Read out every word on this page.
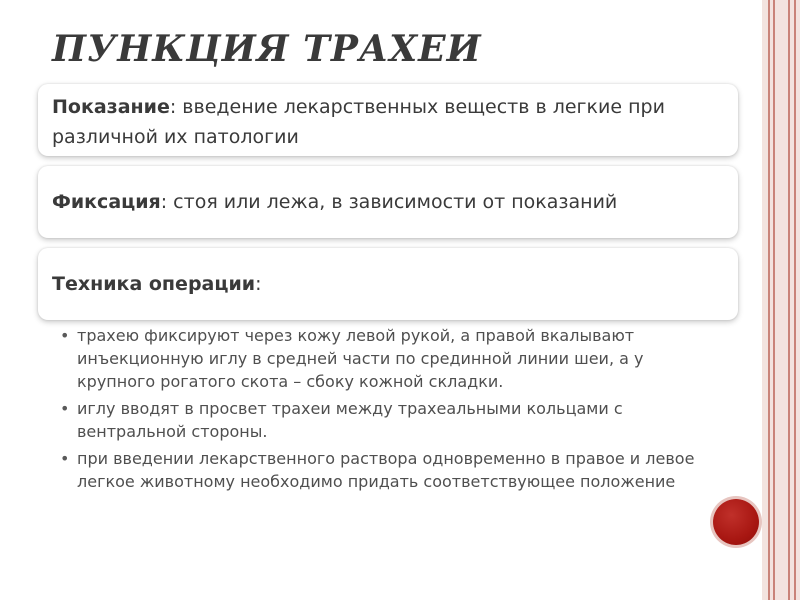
ПУНКЦИЯ ТРАХЕИ
Показание: введение лекарственных веществ в легкие при различной их патологии
Фиксация: стоя или лежа, в зависимости от показаний
Техника операции:
• трахею фиксируют через кожу левой рукой, а правой вкалывают инъекционную иглу в средней части по срединной линии шеи, а у крупного рогатого скота – сбоку кожной складки.
• иглу вводят в просвет трахеи между трахеальными кольцами с вентральной стороны.
• при введении лекарственного раствора одновременно в правое и левое легкое животному необходимо придать соответствующее положение
